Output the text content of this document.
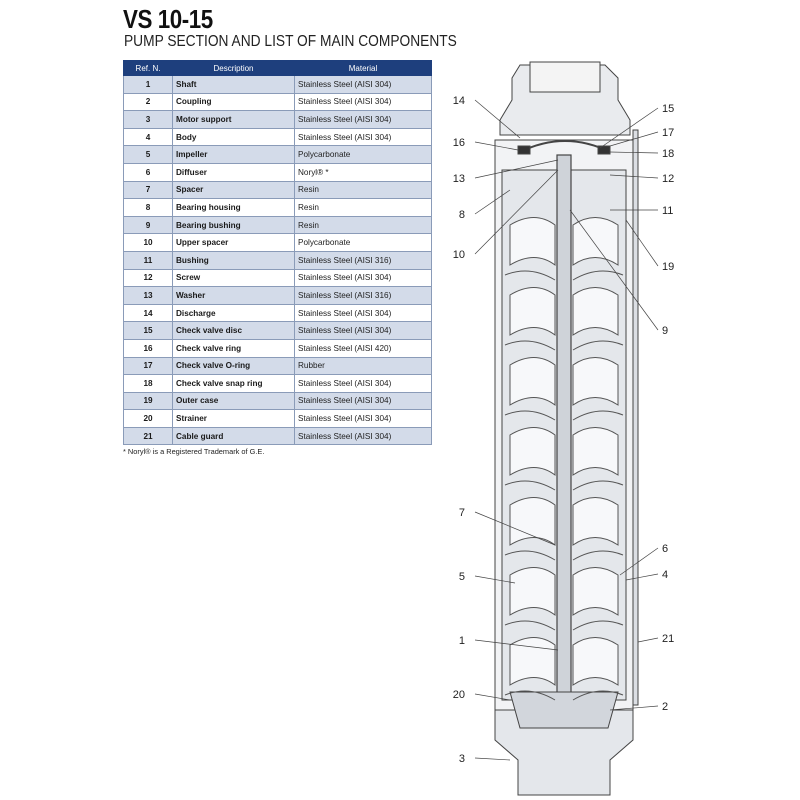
VS 10-15
PUMP SECTION AND LIST OF MAIN COMPONENTS
Ref. N.	Description	Material
1	Shaft	Stainless Steel (AISI 304)
2	Coupling	Stainless Steel (AISI 304)
3	Motor support	Stainless Steel (AISI 304)
4	Body	Stainless Steel (AISI 304)
5	Impeller	Polycarbonate
6	Diffuser	Noryl® *
7	Spacer	Resin
8	Bearing housing	Resin
9	Bearing bushing	Resin
10	Upper spacer	Polycarbonate
11	Bushing	Stainless Steel (AISI 316)
12	Screw	Stainless Steel (AISI 304)
13	Washer	Stainless Steel (AISI 316)
14	Discharge	Stainless Steel (AISI 304)
15	Check valve disc	Stainless Steel (AISI 304)
16	Check valve ring	Stainless Steel (AISI 420)
17	Check valve O-ring	Rubber
18	Check valve snap ring	Stainless Steel (AISI 304)
19	Outer case	Stainless Steel (AISI 304)
20	Strainer	Stainless Steel (AISI 304)
21	Cable guard	Stainless Steel (AISI 304)
* Noryl® is a Registered Trademark of G.E.
14
16
13
8
10
7
5
1
20
3
15
17
18
12
11
19
9
6
4
21
2
